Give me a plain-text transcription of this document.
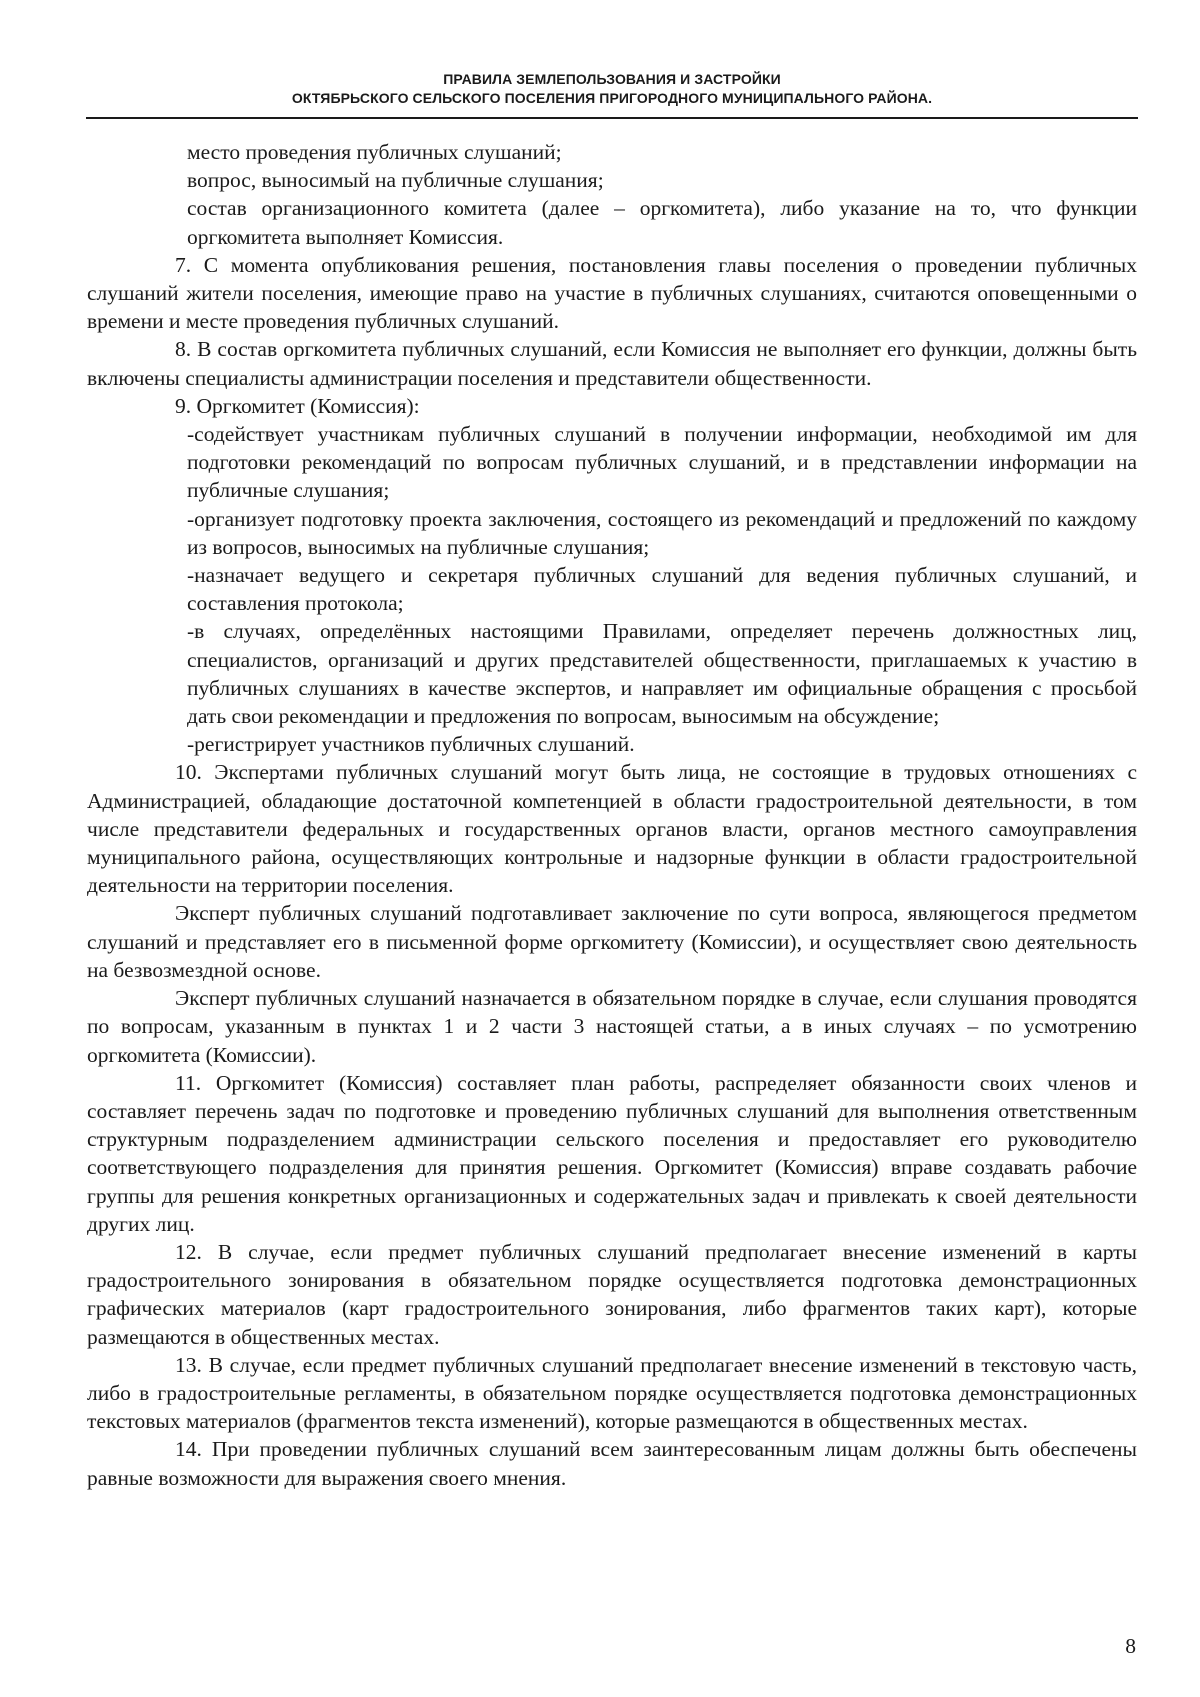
ПРАВИЛА ЗЕМЛЕПОЛЬЗОВАНИЯ И ЗАСТРОЙКИ
ОКТЯБРЬСКОГО СЕЛЬСКОГО ПОСЕЛЕНИЯ ПРИГОРОДНОГО МУНИЦИПАЛЬНОГО РАЙОНА.

место проведения публичных слушаний;

вопрос, выносимый на публичные слушания;

состав организационного комитета (далее – оргкомитета), либо указание на то, что функции оргкомитета выполняет Комиссия.

7. С момента опубликования решения, постановления главы поселения о проведении публичных слушаний жители поселения, имеющие право на участие в публичных слушаниях, считаются оповещенными о времени и месте проведения публичных слушаний.

8. В состав оргкомитета публичных слушаний, если Комиссия не выполняет его функции, должны быть включены специалисты администрации поселения и представители общественности.

9. Оргкомитет (Комиссия):

-содействует участникам публичных слушаний в получении информации, необходимой им для подготовки рекомендаций по вопросам публичных слушаний, и в представлении информации на публичные слушания;

-организует подготовку проекта заключения, состоящего из рекомендаций и предложений по каждому из вопросов, выносимых на публичные слушания;

-назначает ведущего и секретаря публичных слушаний для ведения публичных слушаний, и составления протокола;

-в случаях, определённых настоящими Правилами, определяет перечень должностных лиц, специалистов, организаций и других представителей общественности, приглашаемых к участию в публичных слушаниях в качестве экспертов, и направляет им официальные обращения с просьбой дать свои рекомендации и предложения по вопросам, выносимым на обсуждение;

-регистрирует участников публичных слушаний.

10. Экспертами публичных слушаний могут быть лица, не состоящие в трудовых отношениях с Администрацией, обладающие достаточной компетенцией в области градостроительной деятельности, в том числе представители федеральных и государственных органов власти, органов местного самоуправления муниципального района, осуществляющих контрольные и надзорные функции в области градостроительной деятельности на территории поселения.

Эксперт публичных слушаний подготавливает заключение по сути вопроса, являющегося предметом слушаний и представляет его в письменной форме оргкомитету (Комиссии), и осуществляет свою деятельность на безвозмездной основе.

Эксперт публичных слушаний назначается в обязательном порядке в случае, если слушания проводятся по вопросам, указанным в пунктах 1 и 2 части 3 настоящей статьи, а в иных случаях – по усмотрению оргкомитета (Комиссии).

11. Оргкомитет (Комиссия) составляет план работы, распределяет обязанности своих членов и составляет перечень задач по подготовке и проведению публичных слушаний для выполнения ответственным структурным подразделением администрации сельского поселения и предоставляет его руководителю соответствующего подразделения для принятия решения. Оргкомитет (Комиссия) вправе создавать рабочие группы для решения конкретных организационных и содержательных задач и привлекать к своей деятельности других лиц.

12. В случае, если предмет публичных слушаний предполагает внесение изменений в карты градостроительного зонирования в обязательном порядке осуществляется подготовка демонстрационных графических материалов (карт градостроительного зонирования, либо фрагментов таких карт), которые размещаются в общественных местах.

13. В случае, если предмет публичных слушаний предполагает внесение изменений в текстовую часть, либо в градостроительные регламенты, в обязательном порядке осуществляется подготовка демонстрационных текстовых материалов (фрагментов текста изменений), которые размещаются в общественных местах.

14. При проведении публичных слушаний всем заинтересованным лицам должны быть обеспечены равные возможности для выражения своего мнения.

8
